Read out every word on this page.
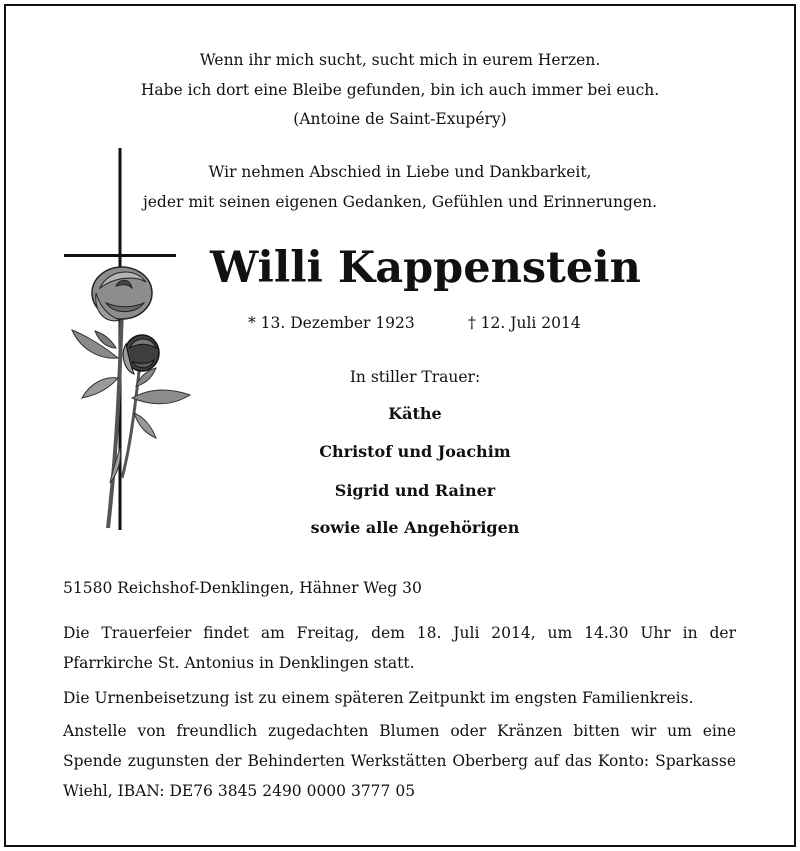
Wenn ihr mich sucht, sucht mich in eurem Herzen.
Habe ich dort eine Bleibe gefunden, bin ich auch immer bei euch.
(Antoine de Saint-Exupéry)
Wir nehmen Abschied in Liebe und Dankbarkeit,
jeder mit seinen eigenen Gedanken, Gefühlen und Erinnerungen.
Willi Kappenstein
* 13. Dezember 1923	† 12. Juli 2014
In stiller Trauer:
Käthe
Christof und Joachim
Sigrid und Rainer
sowie alle Angehörigen
51580 Reichshof-Denklingen, Hähner Weg 30
Die Trauerfeier findet am Freitag, dem 18. Juli 2014, um 14.30 Uhr in der Pfarrkirche St. Antonius in Denklingen statt.
Die Urnenbeisetzung ist zu einem späteren Zeitpunkt im engsten Familienkreis.
Anstelle von freundlich zugedachten Blumen oder Kränzen bitten wir um eine Spende zugunsten der Behinderten Werkstätten Oberberg auf das Konto: Sparkasse Wiehl, IBAN: DE76 3845 2490 0000 3777 05
